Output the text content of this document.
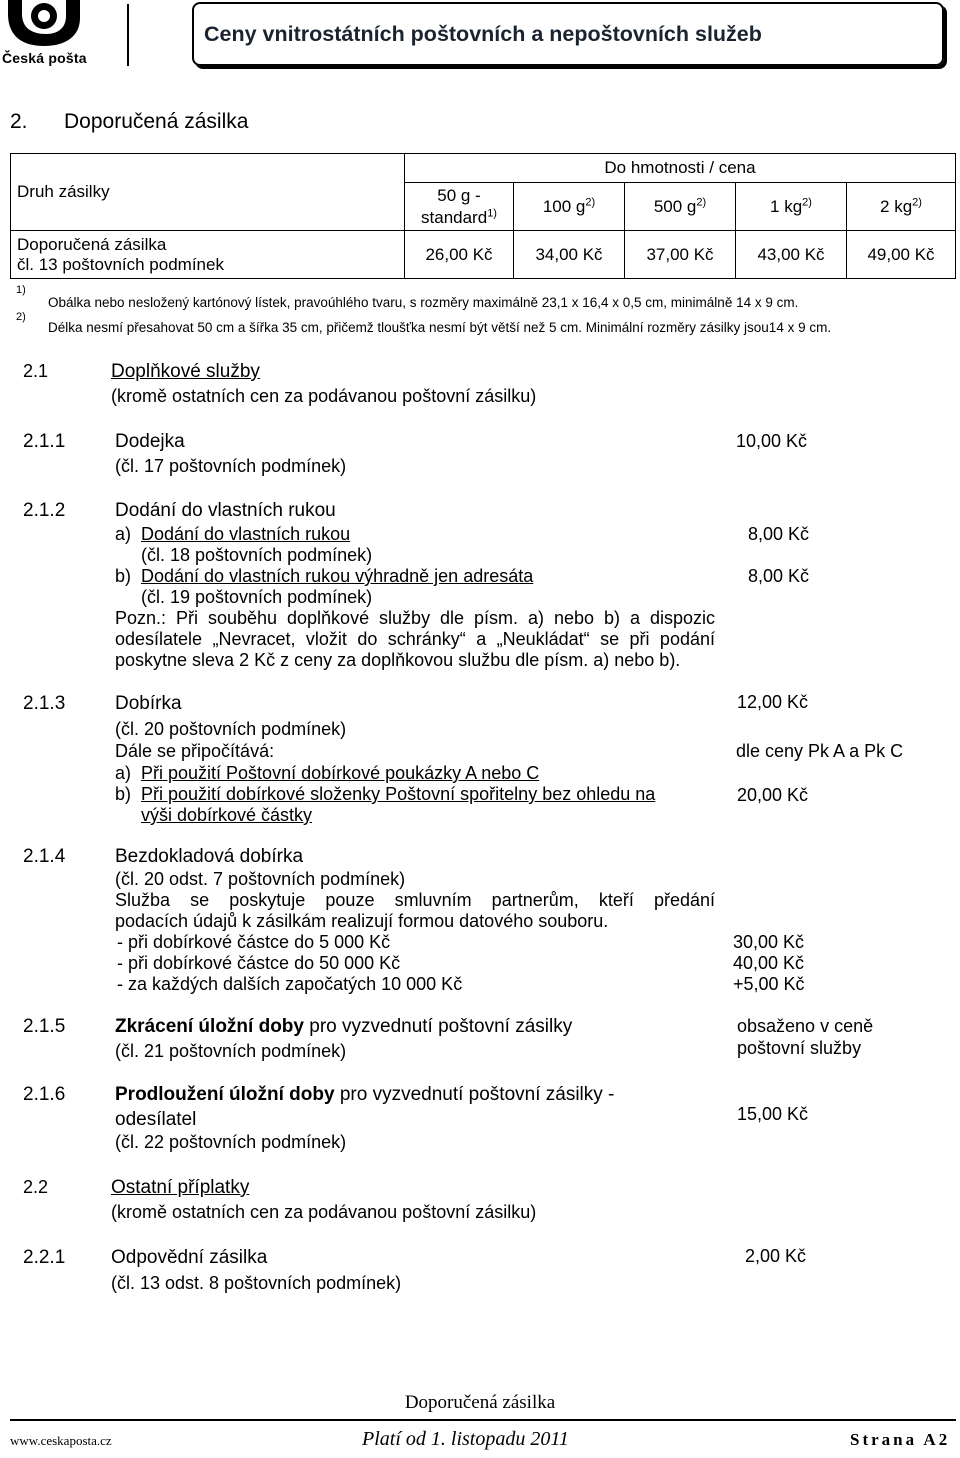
Česká pošta
Ceny vnitrostátních poštovních a nepoštovních služeb
2. Doporučená zásilka
Druh zásilky	Do hmotnosti / cena				
	50 g -
standard$^{1)}$	100 $g^{2)}$	500 $g^{2)}$	1 $kg^{2)}$	2 $kg^{2)}$
Doporučená zásilka
čl. 13 poštovních podmínek	26,00 Kč	34,00 Kč	37,00 Kč	43,00 Kč	49,00 Kč
1)
Obálka nebo nesložený kartónový lístek, pravoúhlého tvaru, s rozměry maximálně 23,1 x 16,4 x 0,5 cm, minimálně 14 x 9 cm.
2)
Délka nesmí přesahovat 50 cm a šířka 35 cm, přičemž tloušťka nesmí být větší než 5 cm. Minimální rozměry zásilky jsou14 x 9 cm.
2.1	Doplňkové služby
(kromě ostatních cen za podávanou poštovní zásilku)
2.1.1	Dodejka
(čl. 17 poštovních podmínek)
10,00 Kč
2.1.2	Dodání do vlastních rukou
a) Dodání do vlastních rukou
(čl. 18 poštovních podmínek)
8,00 Kč
b) Dodání do vlastních rukou výhradně jen adresáta
(čl. 19 poštovních podmínek)
8,00 Kč
Pozn.: Při souběhu doplňkové služby dle písm. a) nebo b) a dispozic
odesílatele „Nevracet, vložit do schránky“ a „Neukládat“ se při podání
poskytne sleva 2 Kč z ceny za doplňkovou službu dle písm. a) nebo b).
2.1.3	Dobírka	12,00 Kč
(čl. 20 poštovních podmínek)
Dále se připočítává:	dle ceny Pk A a Pk C
a) Při použití Poštovní dobírkové poukázky A nebo C
b) Při použití dobírkové složenky Poštovní spořitelny bez ohledu na
výši dobírkové částky
20,00 Kč
2.1.4	Bezdokladová dobírka
(čl. 20 odst. 7 poštovních podmínek)
Služba se poskytuje pouze smluvním partnerům, kteří předání
podacích údajů k zásilkám realizují formou datového souboru.
- při dobírkové částce do 5 000 Kč	30,00 Kč
- při dobírkové částce do 50 000 Kč	40,00 Kč
- za každých dalších započatých 10 000 Kč	+5,00 Kč
2.1.5	Zkrácení úložní doby pro vyzvednutí poštovní zásilky
(čl. 21 poštovních podmínek)
obsaženo v ceně
poštovní služby
2.1.6	Prodloužení úložní doby pro vyzvednutí poštovní zásilky -
odesílatel
(čl. 22 poštovních podmínek)
15,00 Kč
2.2	Ostatní příplatky
(kromě ostatních cen za podávanou poštovní zásilku)
2.2.1 Odpovědní zásilka
(čl. 13 odst. 8 poštovních podmínek)
2,00 Kč
Doporučená zásilka
www.ceskaposta.cz	Platí od 1. listopadu 2011	Strana A2
